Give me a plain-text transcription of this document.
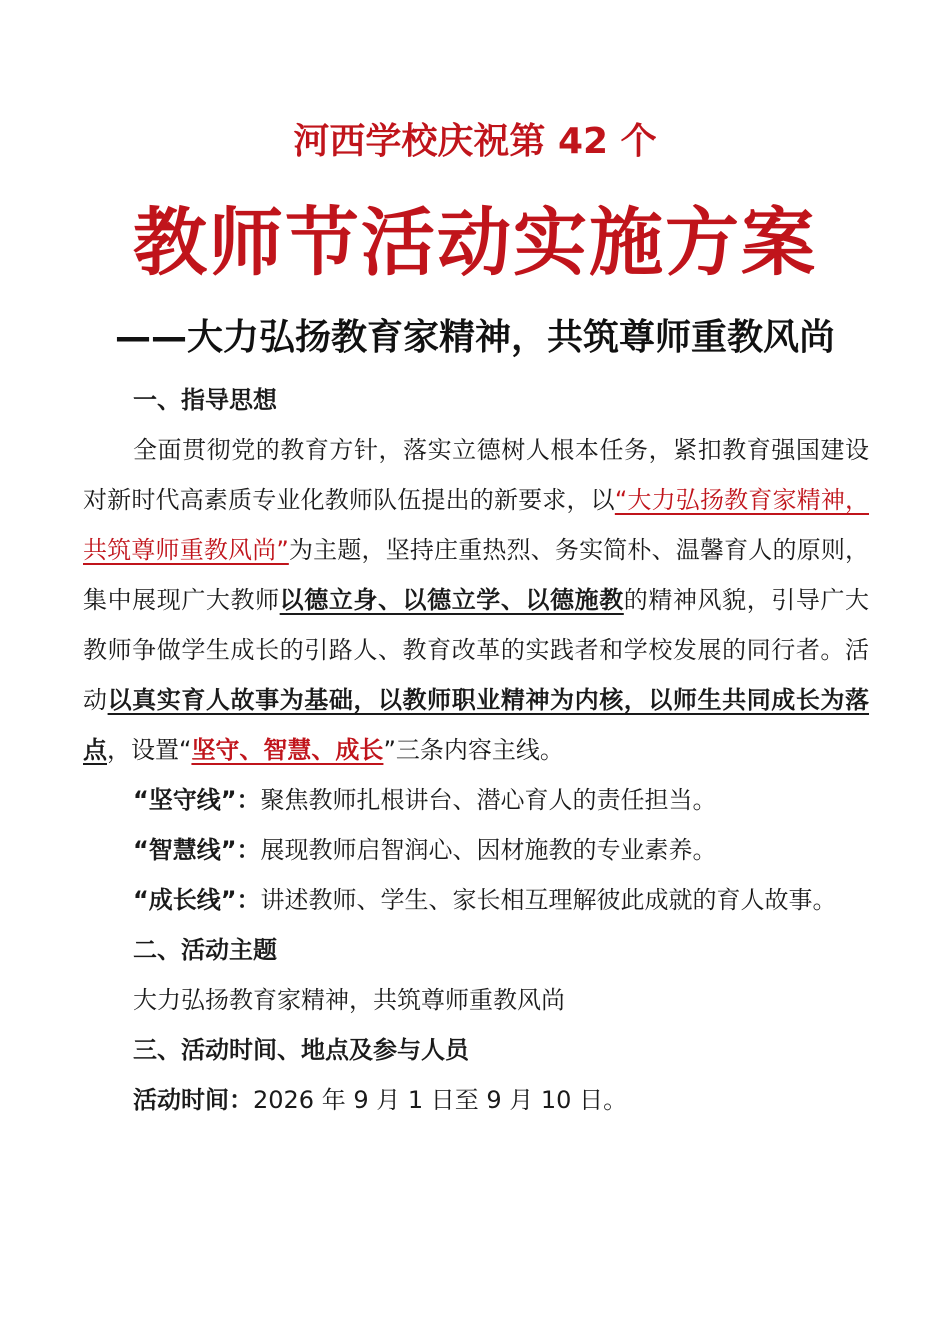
河西学校庆祝第 42 个
教师节活动实施方案
——大力弘扬教育家精神，共筑尊师重教风尚

一、指导思想

全面贯彻党的教育方针，落实立德树人根本任务，紧扣教育强国建设对新时代高素质专业化教师队伍提出的新要求，以“大力弘扬教育家精神，共筑尊师重教风尚”为主题，坚持庄重热烈、务实简朴、温馨育人的原则，集中展现广大教师以德立身、以德立学、以德施教的精神风貌，引导广大教师争做学生成长的引路人、教育改革的实践者和学校发展的同行者。活动以真实育人故事为基础，以教师职业精神为内核，以师生共同成长为落点，设置“坚守、智慧、成长”三条内容主线。

“坚守线”：聚焦教师扎根讲台、潜心育人的责任担当。

“智慧线”：展现教师启智润心、因材施教的专业素养。

“成长线”：讲述教师、学生、家长相互理解彼此成就的育人故事。

二、活动主题

大力弘扬教育家精神，共筑尊师重教风尚

三、活动时间、地点及参与人员

活动时间：2026 年 9 月 1 日至 9 月 10 日。
